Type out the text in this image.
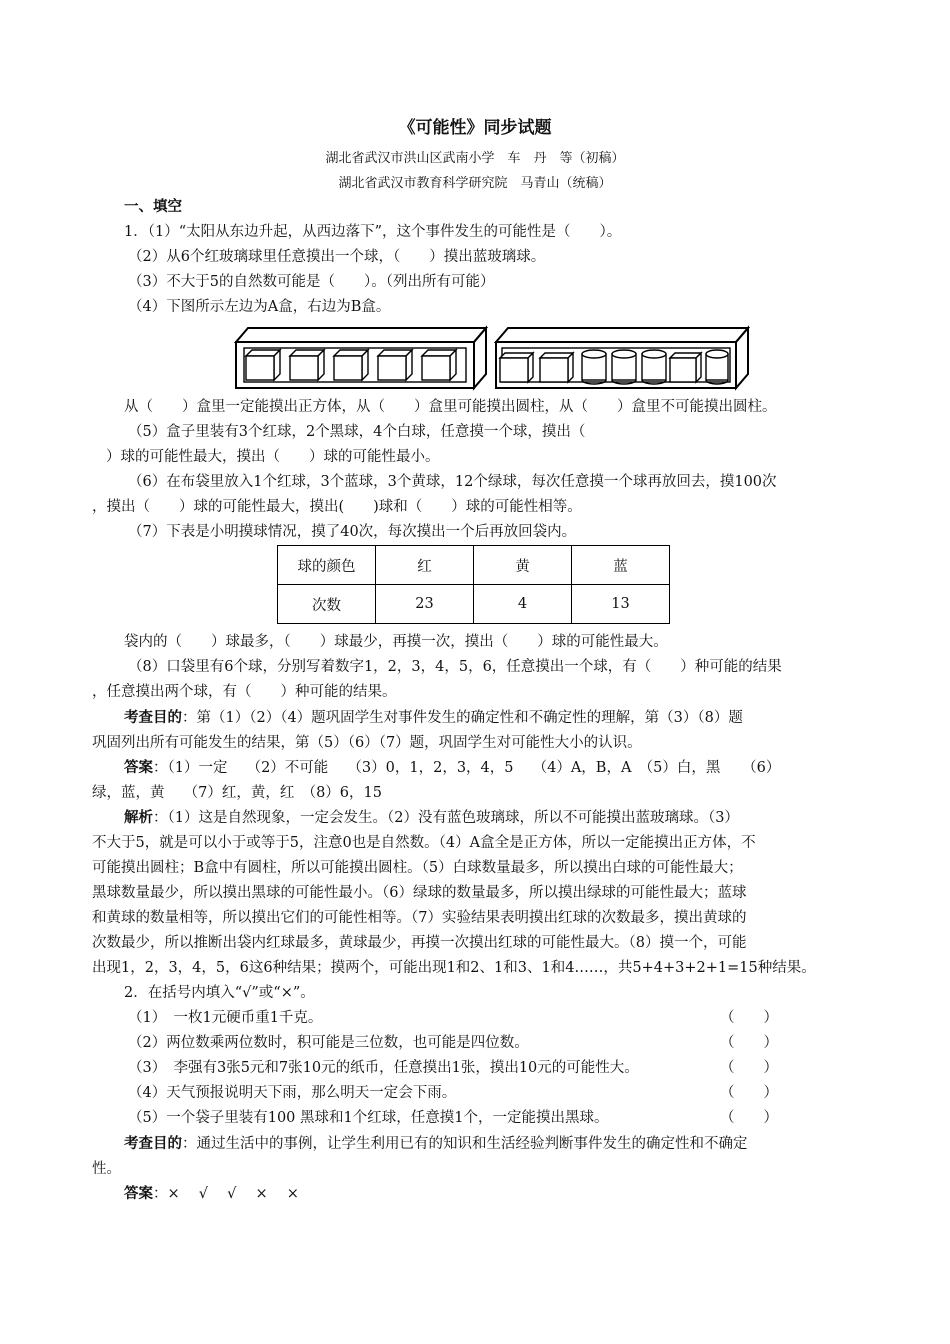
《可能性》同步试题
湖北省武汉市洪山区武南小学　车　丹　等（初稿）
湖北省武汉市教育科学研究院　马青山（统稿）
一、填空
1．（1）“太阳从东边升起，从西边落下”，这个事件发生的可能性是（　　）。
（2）从6个红玻璃球里任意摸出一个球，（　　）摸出蓝玻璃球。
（3）不大于5的自然数可能是（　　）。（列出所有可能）
（4）下图所示左边为A盒，右边为B盒。
从（　　）盒里一定能摸出正方体，从（　　）盒里可能摸出圆柱，从（　　）盒里不可能摸出圆柱。
（5）盒子里装有3个红球，2个黑球，4个白球，任意摸一个球，摸出（
）球的可能性最大，摸出（　　）球的可能性最小。
（6）在布袋里放入1个红球，3个蓝球，3个黄球，12个绿球，每次任意摸一个球再放回去，摸100次
，摸出（　　）球的可能性最大，摸出(　　)球和（　　）球的可能性相等。
（7）下表是小明摸球情况，摸了40次，每次摸出一个后再放回袋内。
球的颜色	红	黄	蓝
次数	23	4	13
袋内的（　　）球最多，（　　）球最少，再摸一次，摸出（　　）球的可能性最大。
（8）口袋里有6个球，分别写着数字1，2，3，4，5，6，任意摸出一个球，有（　　）种可能的结果
，任意摸出两个球，有（　　）种可能的结果。
考查目的：第（1）（2）（4）题巩固学生对事件发生的确定性和不确定性的理解，第（3）（8）题
巩固列出所有可能发生的结果，第（5）（6）（7）题，巩固学生对可能性大小的认识。
答案：（1）一定　 （2）不可能　 （3）0，1，2，3，4，5　 （4）A，B，A　（5）白，黑　　（6）
绿，蓝，黄　 （7）红，黄，红　（8）6，15
解析：（1）这是自然现象，一定会发生。（2）没有蓝色玻璃球，所以不可能摸出蓝玻璃球。（3）
不大于5，就是可以小于或等于5，注意0也是自然数。（4）A盒全是正方体，所以一定能摸出正方体，不
可能摸出圆柱；B盒中有圆柱，所以可能摸出圆柱。（5）白球数量最多，所以摸出白球的可能性最大；
黑球数量最少，所以摸出黑球的可能性最小。（6）绿球的数量最多，所以摸出绿球的可能性最大；蓝球
和黄球的数量相等，所以摸出它们的可能性相等。（7）实验结果表明摸出红球的次数最多，摸出黄球的
次数最少，所以推断出袋内红球最多，黄球最少，再摸一次摸出红球的可能性最大。（8）摸一个，可能
出现1，2，3，4，5，6这6种结果；摸两个，可能出现1和2、1和3、1和4……，共5+4+3+2+1=15种结果。
2．在括号内填入“√”或“×”。
（1）　一枚1元硬币重1千克。	（　　）
（2）两位数乘两位数时，积可能是三位数，也可能是四位数。	（　　）
（3）　李强有3张5元和7张10元的纸币，任意摸出1张，摸出10元的可能性大。	（　　）
（4）天气预报说明天下雨，那么明天一定会下雨。	（　　）
（5）一个袋子里装有100 黑球和1个红球，任意摸1个，一定能摸出黑球。	（　　）
考查目的：通过生活中的事例，让学生利用已有的知识和生活经验判断事件发生的确定性和不确定
性。
答案：×　 √　 √　 ×　 ×
